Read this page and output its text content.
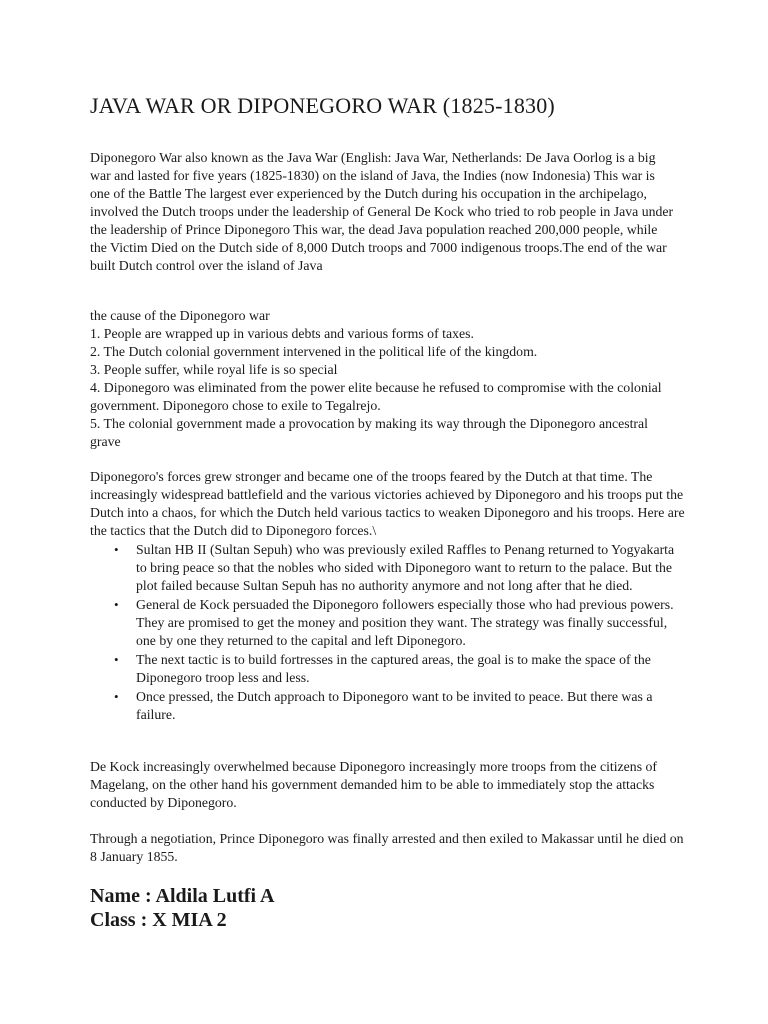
JAVA WAR OR DIPONEGORO WAR (1825-1830)

Diponegoro War also known as the Java War (English: Java War, Netherlands: De Java Oorlog is a big war and lasted for five years (1825-1830) on the island of Java, the Indies (now Indonesia) This war is one of the Battle The largest ever experienced by the Dutch during his occupation in the archipelago, involved the Dutch troops under the leadership of General De Kock who tried to rob people in Java under the leadership of Prince Diponegoro This war, the dead Java population reached 200,000 people, while the Victim Died on the Dutch side of 8,000 Dutch troops and 7000 indigenous troops.The end of the war built Dutch control over the island of Java

the cause of the Diponegoro war
1. People are wrapped up in various debts and various forms of taxes.
2. The Dutch colonial government intervened in the political life of the kingdom.
3. People suffer, while royal life is so special
4. Diponegoro was eliminated from the power elite because he refused to compromise with the colonial government. Diponegoro chose to exile to Tegalrejo.
5. The colonial government made a provocation by making its way through the Diponegoro ancestral grave

Diponegoro's forces grew stronger and became one of the troops feared by the Dutch at that time. The increasingly widespread battlefield and the various victories achieved by Diponegoro and his troops put the Dutch into a chaos, for which the Dutch held various tactics to weaken Diponegoro and his troops. Here are the tactics that the Dutch did to Diponegoro forces.\

• Sultan HB II (Sultan Sepuh) who was previously exiled Raffles to Penang returned to Yogyakarta to bring peace so that the nobles who sided with Diponegoro want to return to the palace. But the plot failed because Sultan Sepuh has no authority anymore and not long after that he died.
• General de Kock persuaded the Diponegoro followers especially those who had previous powers. They are promised to get the money and position they want. The strategy was finally successful, one by one they returned to the capital and left Diponegoro.
• The next tactic is to build fortresses in the captured areas, the goal is to make the space of the Diponegoro troop less and less.
• Once pressed, the Dutch approach to Diponegoro want to be invited to peace. But there was a failure.

De Kock increasingly overwhelmed because Diponegoro increasingly more troops from the citizens of Magelang, on the other hand his government demanded him to be able to immediately stop the attacks conducted by Diponegoro.

Through a negotiation, Prince Diponegoro was finally arrested and then exiled to Makassar until he died on 8 January 1855.

Name : Aldila Lutfi A
Class : X MIA 2
